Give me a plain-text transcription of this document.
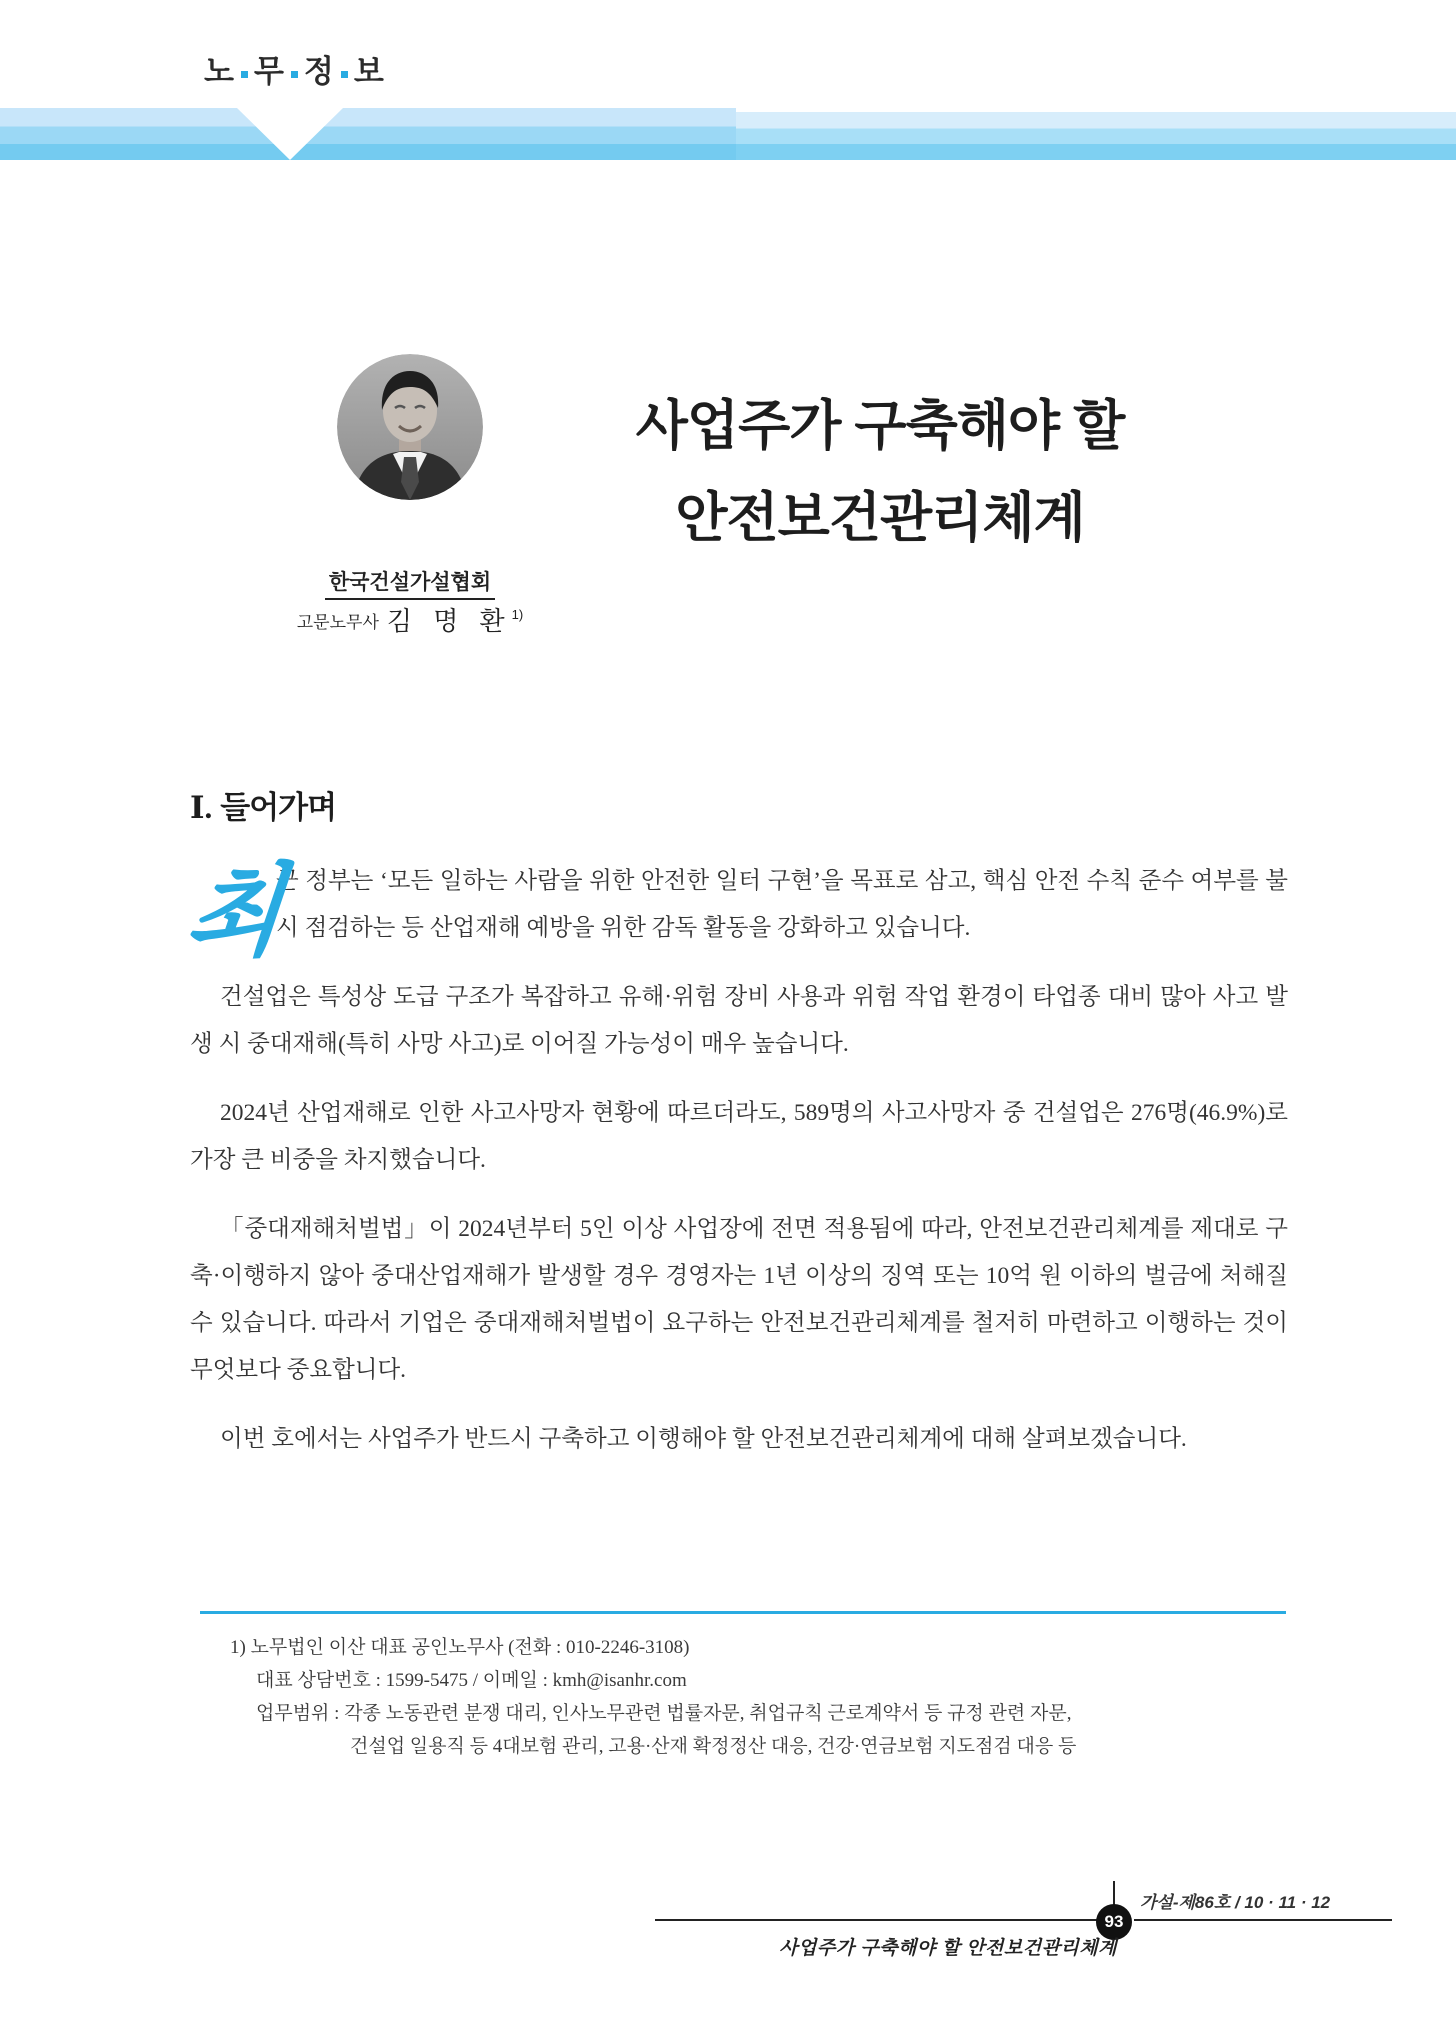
노 무 정 보
한국건설가설협회
고문노무사 김 명 환$^{1)}$
사업주가 구축해야 할
안전보건관리체계
Ⅰ. 들어가며

최
근 정부는 ‘모든 일하는 사람을 위한 안전한 일터 구현’을 목표로 삼고, 핵심 안전 수칙 준수 여부를 불시 점검하는 등 산업재해 예방을 위한 감독 활동을 강화하고 있습니다.

건설업은 특성상 도급 구조가 복잡하고 유해·위험 장비 사용과 위험 작업 환경이 타업종 대비 많아 사고 발생 시 중대재해(특히 사망 사고)로 이어질 가능성이 매우 높습니다.

2024년 산업재해로 인한 사고사망자 현황에 따르더라도, 589명의 사고사망자 중 건설업은 276명(46.9%)로 가장 큰 비중을 차지했습니다.

「중대재해처벌법」이 2024년부터 5인 이상 사업장에 전면 적용됨에 따라, 안전보건관리체계를 제대로 구축·이행하지 않아 중대산업재해가 발생할 경우 경영자는 1년 이상의 징역 또는 10억 원 이하의 벌금에 처해질 수 있습니다. 따라서 기업은 중대재해처벌법이 요구하는 안전보건관리체계를 철저히 마련하고 이행하는 것이 무엇보다 중요합니다.

이번 호에서는 사업주가 반드시 구축하고 이행해야 할 안전보건관리체계에 대해 살펴보겠습니다.

1) 노무법인 이산 대표 공인노무사 (전화 : 010-2246-3108)
대표 상담번호 : 1599-5475 / 이메일 : kmh@isanhr.com
업무범위 : 각종 노동관련 분쟁 대리, 인사노무관련 법률자문, 취업규칙 근로계약서 등 규정 관련 자문,
건설업 일용직 등 4대보험 관리, 고용·산재 확정정산 대응, 건강·연금보험 지도점검 대응 등
가설-제86호 / 10 · 11 · 12
93
사업주가 구축해야 할 안전보건관리체계
